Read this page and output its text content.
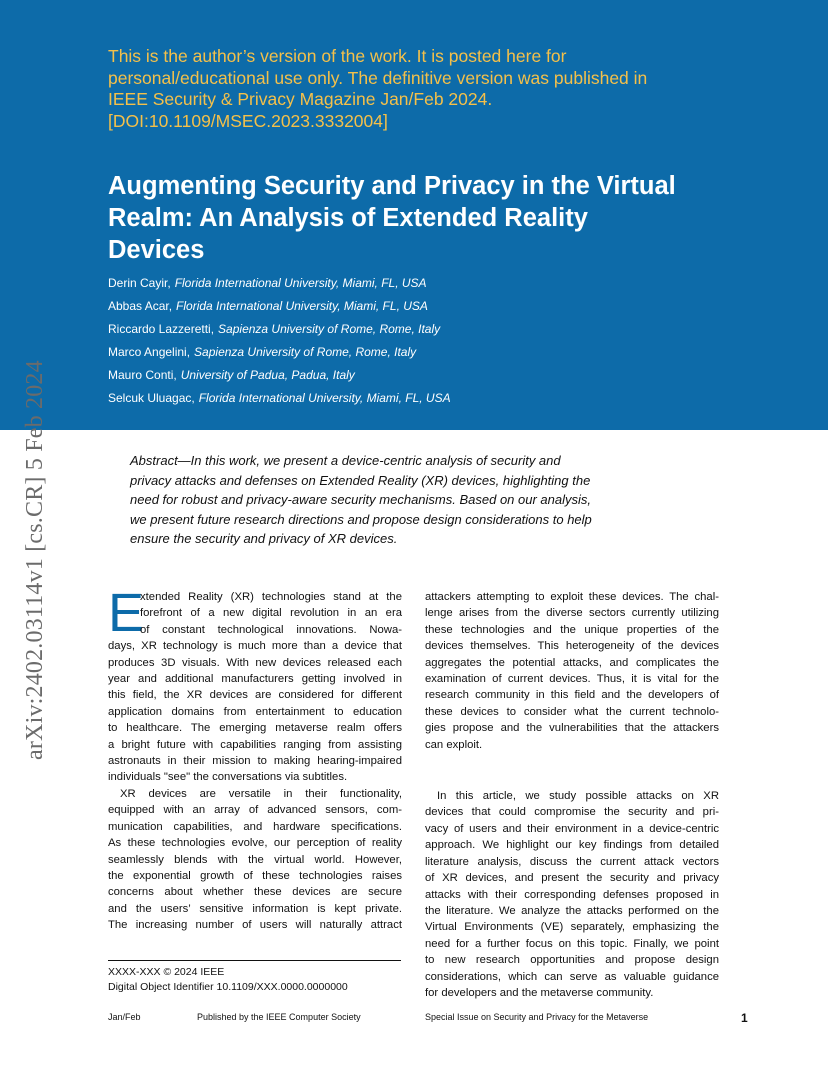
This is the author’s version of the work. It is posted here for
personal/educational use only. The definitive version was published in
IEEE Security & Privacy Magazine Jan/Feb 2024.
[DOI:10.1109/MSEC.2023.3332004]
Augmenting Security and Privacy in the Virtual
Realm: An Analysis of Extended Reality
Devices
Derin Cayir, Florida International University, Miami, FL, USA
Abbas Acar, Florida International University, Miami, FL, USA
Riccardo Lazzeretti, Sapienza University of Rome, Rome, Italy
Marco Angelini, Sapienza University of Rome, Rome, Italy
Mauro Conti, University of Padua, Padua, Italy
Selcuk Uluagac, Florida International University, Miami, FL, USA
arXiv:2402.03114v1 [cs.CR] 5 Feb 2024	Abstract—In this work, we present a device-centric analysis of security and
privacy attacks and defenses on Extended Reality (XR) devices, highlighting the
need for robust and privacy-aware security mechanisms. Based on our analysis,
we present future research directions and propose design considerations to help
ensure the security and privacy of XR devices.
E
xtended Reality (XR) technologies stand at the
forefront of a new digital revolution in an era
of constant technological innovations. Nowa-
days, XR technology is much more than a device that
produces 3D visuals. With new devices released each
year and additional manufacturers getting involved in
this field, the XR devices are considered for different
application domains from entertainment to education
to healthcare. The emerging metaverse realm offers
a bright future with capabilities ranging from assisting
astronauts in their mission to making hearing-impaired
individuals "see" the conversations via subtitles.
XR devices are versatile in their functionality,
equipped with an array of advanced sensors, com-
munication capabilities, and hardware specifications.
As these technologies evolve, our perception of reality
seamlessly blends with the virtual world. However,
the exponential growth of these technologies raises
concerns about whether these devices are secure
and the users’ sensitive information is kept private.
The increasing number of users will naturally attract
attackers attempting to exploit these devices. The chal-
lenge arises from the diverse sectors currently utilizing
these technologies and the unique properties of the
devices themselves. This heterogeneity of the devices
aggregates the potential attacks, and complicates the
examination of current devices. Thus, it is vital for the
research community in this field and the developers of
these devices to consider what the current technolo-
gies propose and the vulnerabilities that the attackers
can exploit.
In this article, we study possible attacks on XR
devices that could compromise the security and pri-
vacy of users and their environment in a device-centric
approach. We highlight our key findings from detailed
literature analysis, discuss the current attack vectors
of XR devices, and present the security and privacy
attacks with their corresponding defenses proposed in
the literature. We analyze the attacks performed on the
Virtual Environments (VE) separately, emphasizing the
need for a further focus on this topic. Finally, we point
to new research opportunities and propose design
considerations, which can serve as valuable guidance
for developers and the metaverse community.
XXXX-XXX © 2024 IEEE
Digital Object Identifier 10.1109/XXX.0000.0000000
Jan/Feb	Published by the IEEE Computer Society	Special Issue on Security and Privacy for the Metaverse	1
